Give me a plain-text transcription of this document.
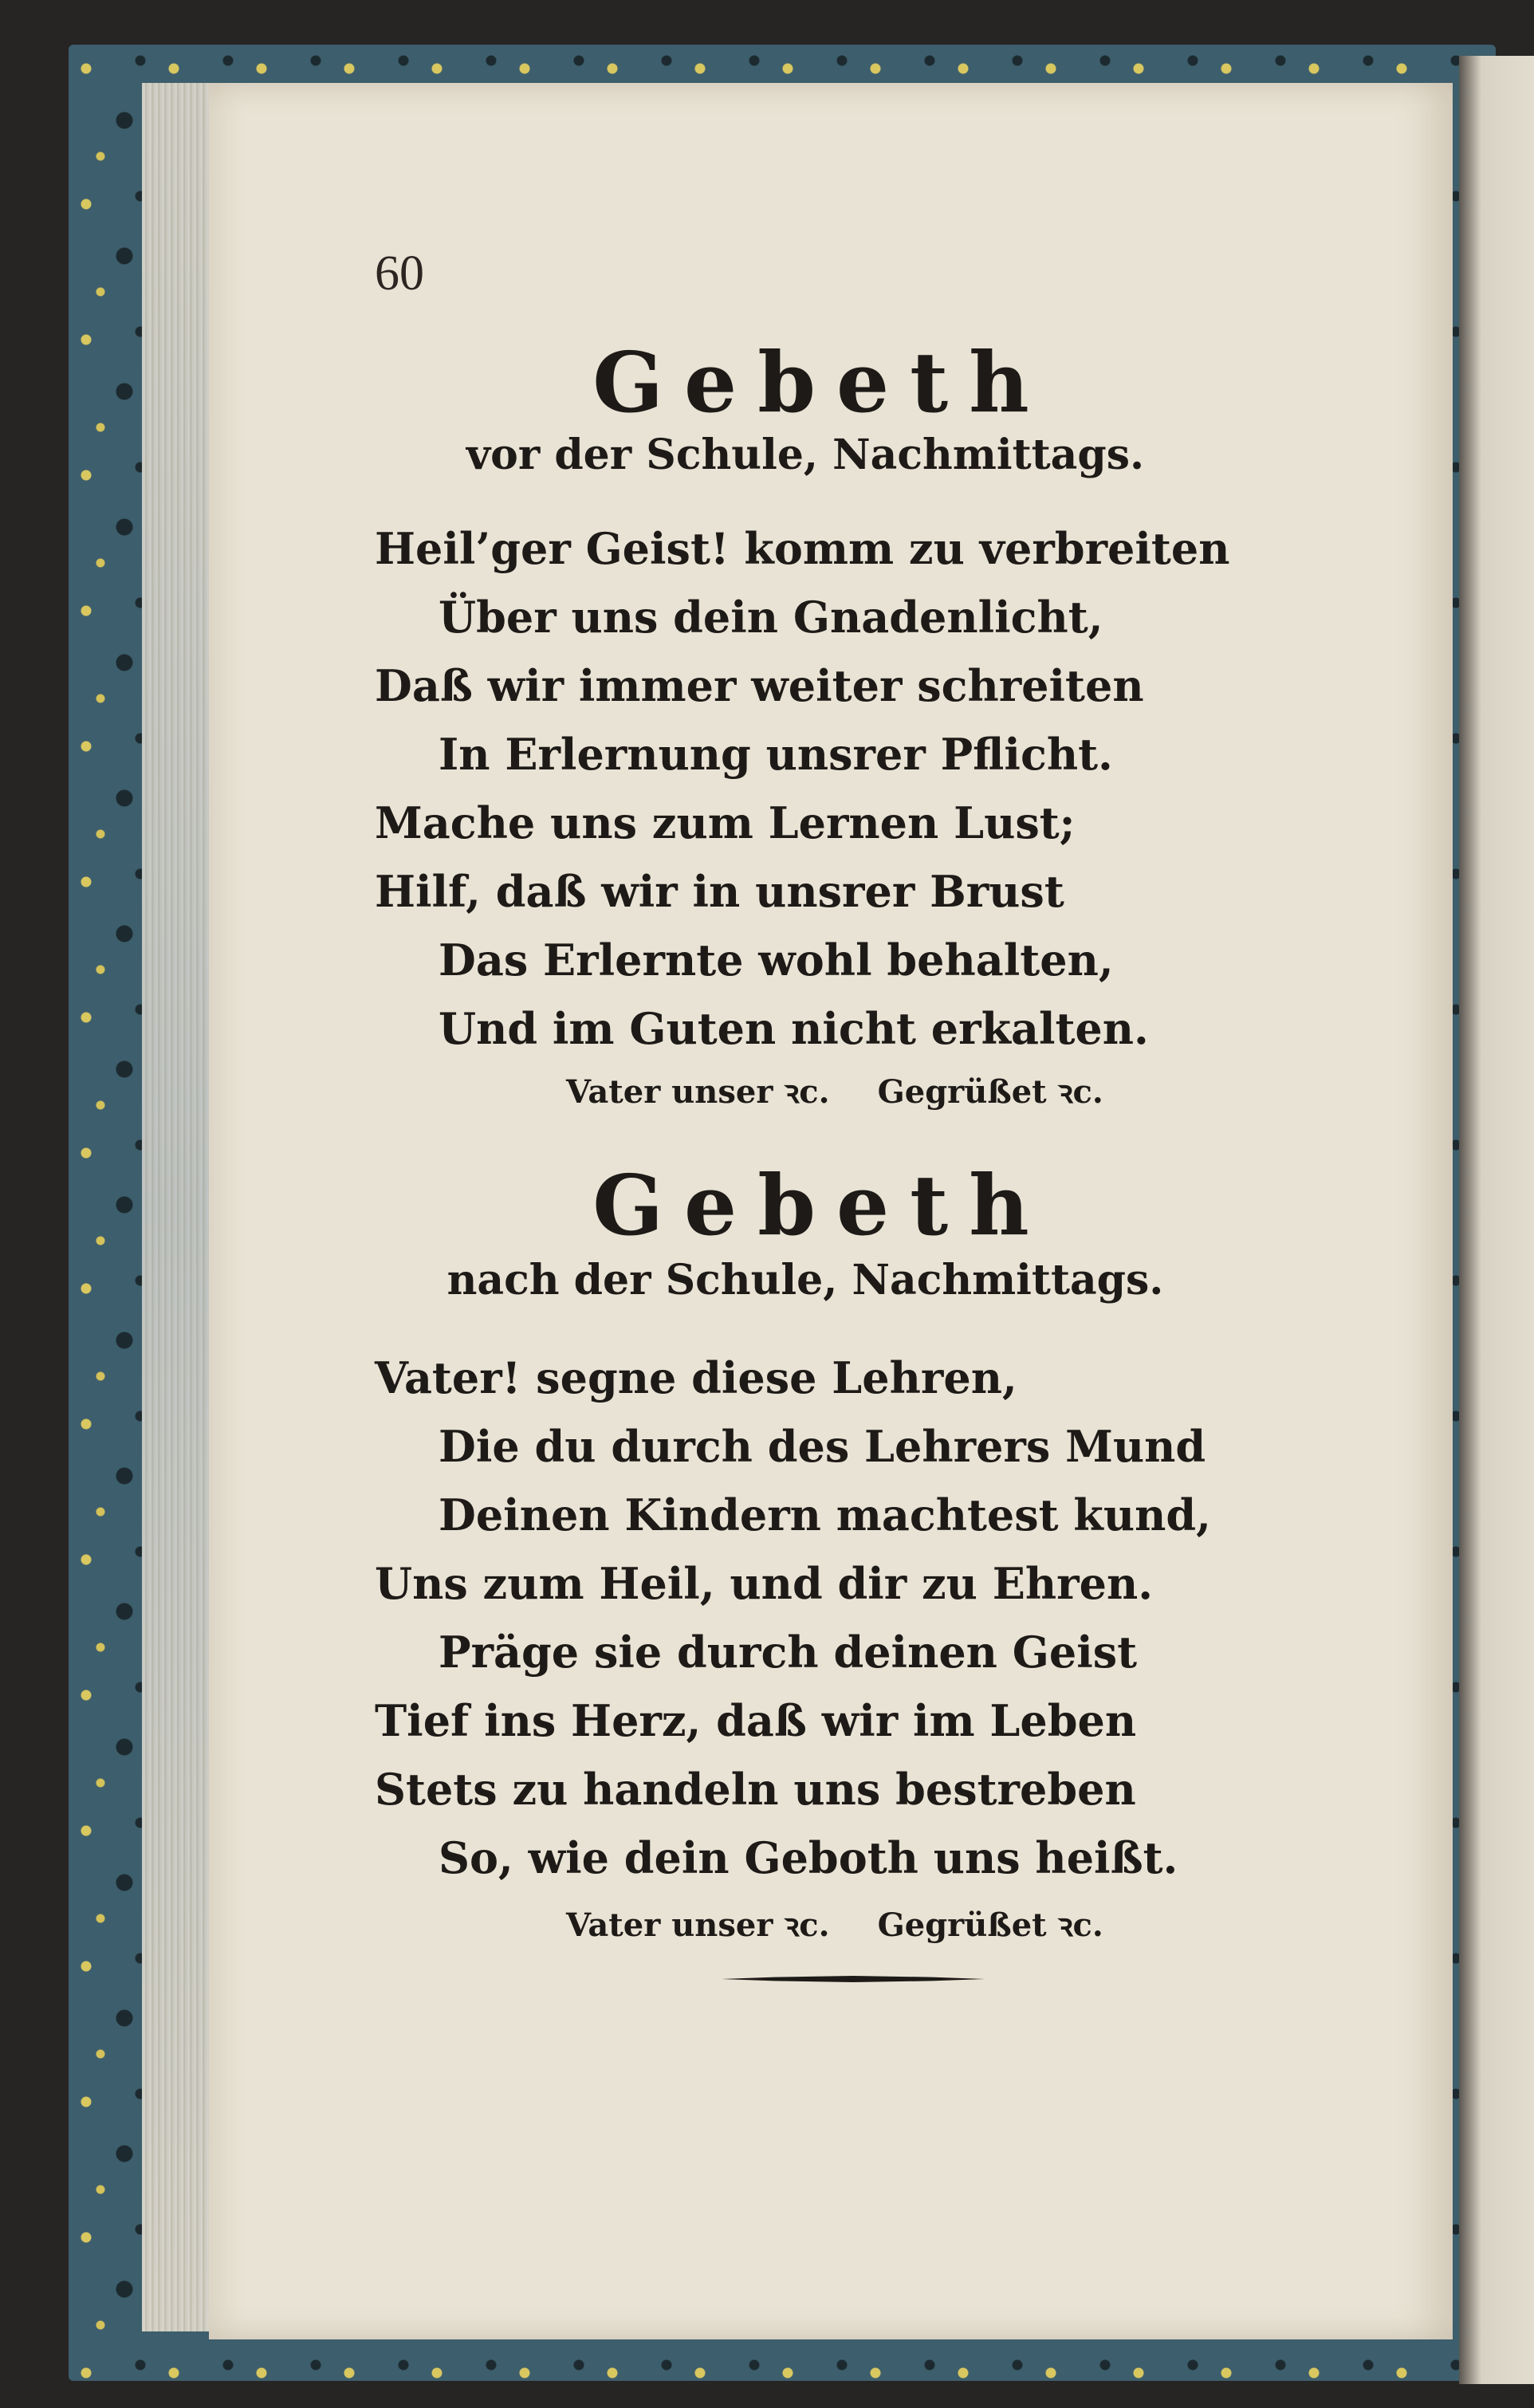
60
Gebeth
vor der Schule, Nachmittags.
Heil’ger Geist! komm zu verbreiten
Über uns dein Gnadenlicht,
Daß wir immer weiter schreiten
In Erlernung unsrer Pflicht.
Mache uns zum Lernen Lust;
Hilf, daß wir in unsrer Brust
Das Erlernte wohl behalten,
Und im Guten nicht erkalten.
Vater unser ꝛc. Gegrüßet ꝛc.
Gebeth
nach der Schule, Nachmittags.
Vater! segne diese Lehren,
Die du durch des Lehrers Mund
Deinen Kindern machtest kund,
Uns zum Heil, und dir zu Ehren.
Präge sie durch deinen Geist
Tief ins Herz, daß wir im Leben
Stets zu handeln uns bestreben
So, wie dein Geboth uns heißt.
Vater unser ꝛc. Gegrüßet ꝛc.
